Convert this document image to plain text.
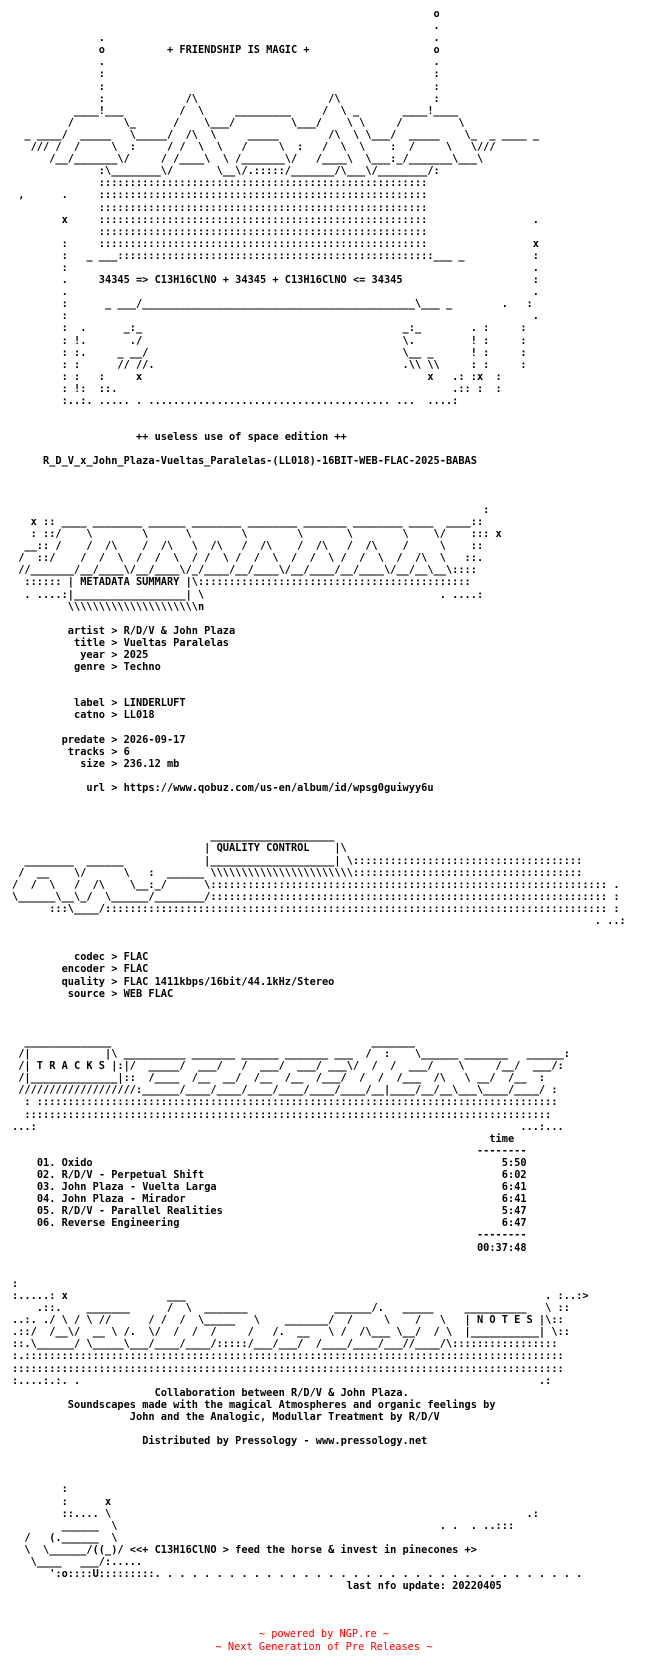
o
.
.                                                     .
o          + FRIENDSHIP IS MAGIC +                    o
.                                                     .
:                                                     :
:                                                     :
:             /\                     /\               :
____!___         /  \     _________     /  \ _       ____!____
/        \_      /    \___/         \___/    \ \     /         \
_ ____/  _____   \_____/  /\  \     _____        /\  \ \___/  _____    \_  _ ____ _
/// /  /     \  :     / /  \  \   /     \  :   /  \  \    :  /     \   \///
/__/_______\/     / /____\  \ /_______\/   /____\  \___:_/_______\___\
:\________\/       \__\/.:::::/_______/\___\/________/:
:::::::::::::::::::::::::::::::::::::::::::::::::::::
,      .     :::::::::::::::::::::::::::::::::::::::::::::::::::::
:::::::::::::::::::::::::::::::::::::::::::::::::::::
x     :::::::::::::::::::::::::::::::::::::::::::::::::::::                 .
:::::::::::::::::::::::::::::::::::::::::::::::::::::
:     :::::::::::::::::::::::::::::::::::::::::::::::::::::                 x
:   _ ___:::::::::::::::::::::::::::::::::::::::::::::::::::___ _           :
:                                                                           .
.     34345 => C13H16ClNO + 34345 + C13H16ClNO <= 34345                     :
.                                                                           .
:      _ ___/____________________________________________\___ _        .   :
:                                                                           .
:  .      _:_                                          _:_        . :     :
: !.       ./                                          \.         ! :     :
: :.     _ __/                                         \__ _      ! :     :
: :      // //.                                        .\\ \\     : :     :
: :   :     x                                              x   .: :x  :
: !:  ::.                                                      .:: :  :
:..:. ..... . ....................................... ...  ....:

++ useless use of space edition ++

R_D_V_x_John_Plaza-Vueltas_Paralelas-(LL018)-16BIT-WEB-FLAC-2025-BABAS

:
x :: ____ ________ ______ ________ ________ _______ ________ ____  ____::
: ::/    \        \      \        \        \       \        \    \/    ::: x
__:: /    /  /\    /  /\   \  /\   /  /\    /  /\   /  /\    /     \    ::
/  ::/    /  /  \  /  /  \  / /  \ /  /  \  /  /  \ /  /  \  /  /\  \   ::.
//_______/__/____\/__/____\/_/____/__/____\/__/____/__/____\/__/__\__\::::
:::::: | METADATA SUMMARY |\::::::::::::::::::::::::::::::::::::::::::::
. ....:|__________________| \                                      . ....:
\\\\\\\\\\\\\\\\\\\\\n

artist > R/D/V & John Plaza
title > Vueltas Paralelas
year > 2025
genre > Techno

label > LINDERLUFT
catno > LL018

predate > 2026-09-17
tracks > 6
size > 236.12 mb

url > https://www.qobuz.com/us-en/album/id/wpsg0guiwyy6u

____________________
| QUALITY CONTROL    |\
________  ______             |____________________| \:::::::::::::::::::::::::::::::::::::
/  __    \/      \   :  ______ \\\\\\\\\\\\\\\\\\\\\\\:::::::::::::::::::::::::::::::::::::
/  /  \   /  /\    \__:_/      \:::::::::::::::::::::::::::::::::::::::::::::::::::::::::::::::: .
\______\__\_/  \______/________/:::::::::::::::::::::::::::::::::::::::::::::::::::::::::::::::: :
:::\____/::::::::::::::::::::::::::::::::::::::::::::::::::::::::::::::::::::::::::::::::: :
. ..:

codec > FLAC
encoder > FLAC
quality > FLAC 1411kbps/16bit/44.1kHz/Stereo
source > WEB FLAC

______________                                          _______
/|            |\ __________ _______ ______ _______ ___  /  :    \______ _______   ______:
/| T R A C K S |:|/  _____/  ___/   /  ___/  ___/ ___\/  /  /  ___/    \     /__/  ___/:
/|______________|::  /____  /__  __/  /__  /__  /___/  /  /  /___  /\   \ __/  /__  :
///////////////////:______/____/____/____/____/____/____/__|____/__/__\___\____/____/ :
: ::::::::::::::::::::::::::::::::::::::::::::::::::::::::::::::::::::::::::::::::::::
:::::::::::::::::::::::::::::::::::::::::::::::::::::::::::::::::::::::::::::::::::::
...:                                                                              ...:...
time
--------
01. Oxido	5:50
02. R/D/V - Perpetual Shift	6:02
03. John Plaza - Vuelta Larga	6:41
04. John Plaza - Mirador	6:41
05. R/D/V - Parallel Realities	5:47
06. Reverse Engineering	6:47
--------
00:37:48

:
:.....: x                ___                                                          . :..:>
.::.    _______      /  \  _______              ______/.   _____     __________   \ ::
..:. ./ \ / \ //      / /  /  \_____   \    _______/  /     \    /   \   | N O T E S |\::
.::/  /__\/  __ \ /.  \/  /  /  /     /   /.  __   \ /  /\___ \__/  / \  |___________| \::
::.\______/ \_____\___/____/____/:::::/___/___/  /____/____/___//____/\:::::::::::::::::
:.:::::::::::::::::::::::::::::::::::::::::::::::::::::::::::::::::::::::::::::::::::::::
:::::::::::::::::::::::::::::::::::::::::::::::::::::::::::::::::::::::::::::::::::::::::
:....:.:. .                                                                          .:
Collaboration between R/D/V & John Plaza.
Soundscapes made with the magical Atmospheres and organic feelings by
John and the Analogic, Modullar Treatment by R/D/V

Distributed by Pressology - www.pressology.net

:
:      x
::.... \                                                                   .:
______  \                                                    . .  . ..:::
/   (.______  \
\  \______/((_)/ <<+ C13H16ClNO > feed the horse & invest in pinecones +>
\____   ___/:.....
':o::::U:::::::::. . . . . . . . . . . . . . . . . . . . . . . . . . . . . . . . . . .
last nfo update: 20220405

~ powered by NGP.re ~
~ Next Generation of Pre Releases ~
